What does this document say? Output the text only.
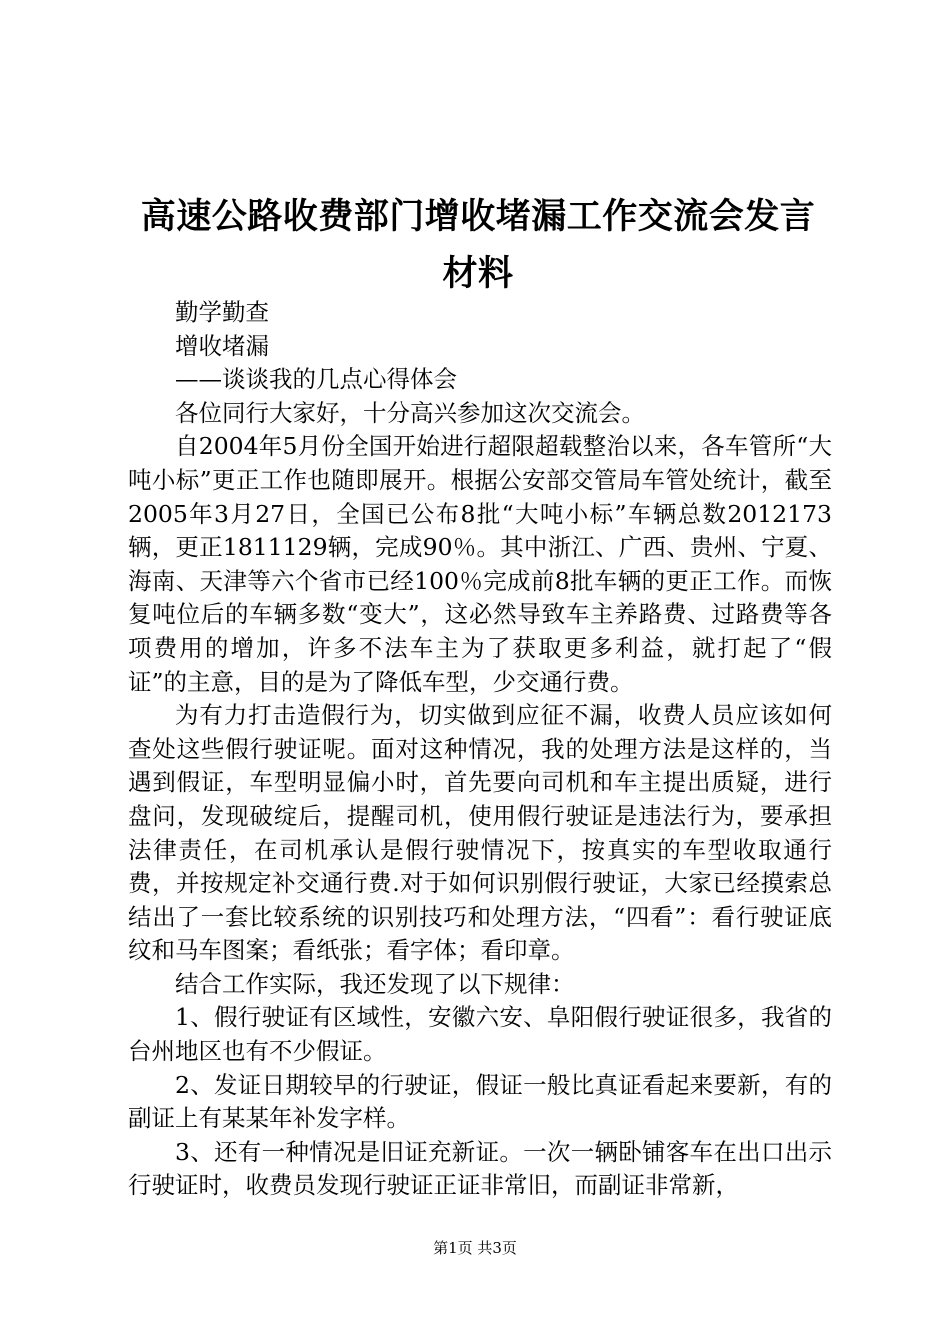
高速公路收费部门增收堵漏工作交流会发言材料

勤学勤查

增收堵漏

——谈谈我的几点心得体会

各位同行大家好，十分高兴参加这次交流会。

自2004年5月份全国开始进行超限超载整治以来，各车管所“大吨小标”更正工作也随即展开。根据公安部交管局车管处统计，截至2005年3月27日，全国已公布8批“大吨小标”车辆总数2012173辆，更正1811129辆，完成90％。其中浙江、广西、贵州、宁夏、海南、天津等六个省市已经100％完成前8批车辆的更正工作。而恢复吨位后的车辆多数“变大”，这必然导致车主养路费、过路费等各项费用的增加，许多不法车主为了获取更多利益，就打起了“假证”的主意，目的是为了降低车型，少交通行费。

为有力打击造假行为，切实做到应征不漏，收费人员应该如何查处这些假行驶证呢。面对这种情况，我的处理方法是这样的，当遇到假证，车型明显偏小时，首先要向司机和车主提出质疑，进行盘问，发现破绽后，提醒司机，使用假行驶证是违法行为，要承担法律责任，在司机承认是假行驶情况下，按真实的车型收取通行费，并按规定补交通行费.对于如何识别假行驶证，大家已经摸索总结出了一套比较系统的识别技巧和处理方法，“四看”：看行驶证底纹和马车图案；看纸张；看字体；看印章。

结合工作实际，我还发现了以下规律：

1、假行驶证有区域性，安徽六安、阜阳假行驶证很多，我省的台州地区也有不少假证。

2、发证日期较早的行驶证，假证一般比真证看起来要新，有的副证上有某某年补发字样。

3、还有一种情况是旧证充新证。一次一辆卧铺客车在出口出示行驶证时，收费员发现行驶证正证非常旧，而副证非常新，

第1页 共3页
